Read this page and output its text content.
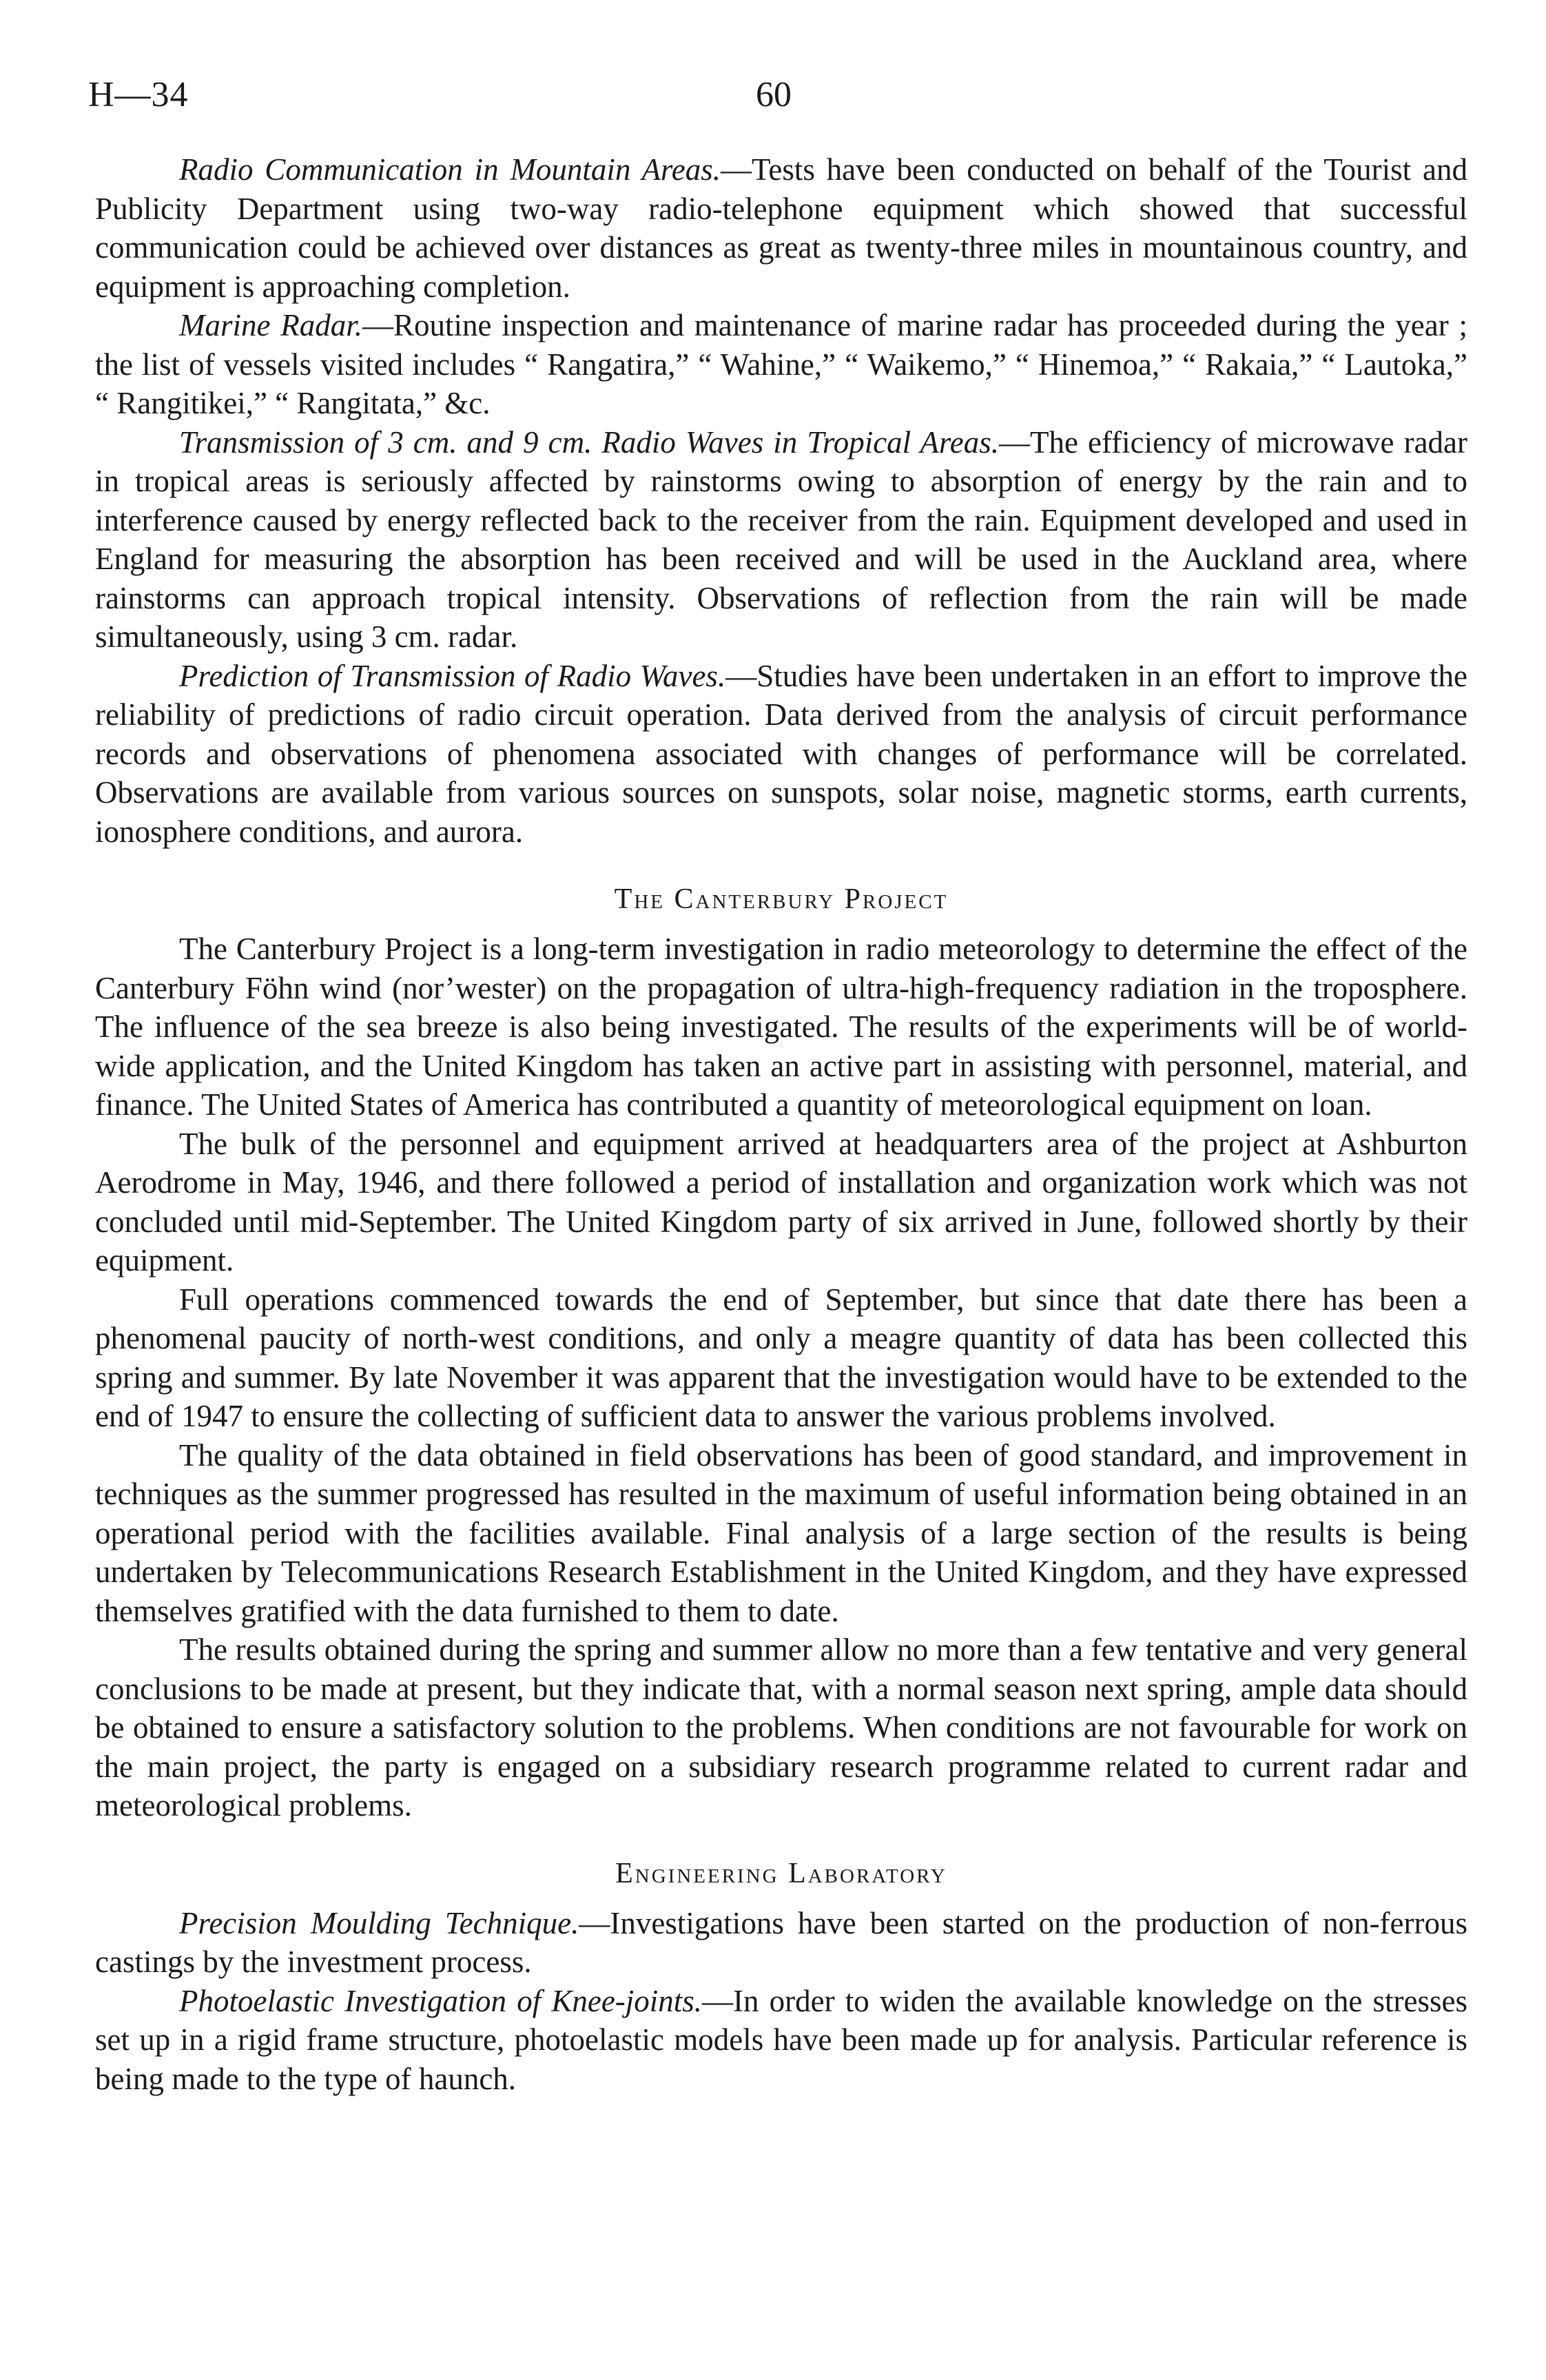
H—34	60

Radio Communication in Mountain Areas.—Tests have been conducted on behalf of the Tourist and Publicity Department using two-way radio-telephone equipment which showed that successful communication could be achieved over distances as great as twenty-three miles in mountainous country, and equipment is approaching completion.

Marine Radar.—Routine inspection and maintenance of marine radar has proceeded during the year ; the list of vessels visited includes “ Rangatira,” “ Wahine,” “ Waikemo,” “ Hinemoa,” “ Rakaia,” “ Lautoka,” “ Rangitikei,” “ Rangitata,” &c.

Transmission of 3 cm. and 9 cm. Radio Waves in Tropical Areas.—The efficiency of microwave radar in tropical areas is seriously affected by rainstorms owing to absorption of energy by the rain and to interference caused by energy reflected back to the receiver from the rain. Equipment developed and used in England for measuring the absorption has been received and will be used in the Auckland area, where rainstorms can approach tropical intensity. Observations of reflection from the rain will be made simultaneously, using 3 cm. radar.

Prediction of Transmission of Radio Waves.—Studies have been undertaken in an effort to improve the reliability of predictions of radio circuit operation. Data derived from the analysis of circuit performance records and observations of phenomena associated with changes of performance will be correlated. Observations are available from various sources on sunspots, solar noise, magnetic storms, earth currents, ionosphere conditions, and aurora.

The Canterbury Project

The Canterbury Project is a long-term investigation in radio meteorology to determine the effect of the Canterbury Föhn wind (nor’wester) on the propagation of ultra-high-frequency radiation in the troposphere. The influence of the sea breeze is also being investigated. The results of the experiments will be of world-wide application, and the United Kingdom has taken an active part in assisting with personnel, material, and finance. The United States of America has contributed a quantity of meteorological equipment on loan.

The bulk of the personnel and equipment arrived at headquarters area of the project at Ashburton Aerodrome in May, 1946, and there followed a period of installation and organization work which was not concluded until mid-September. The United Kingdom party of six arrived in June, followed shortly by their equipment.

Full operations commenced towards the end of September, but since that date there has been a phenomenal paucity of north-west conditions, and only a meagre quantity of data has been collected this spring and summer. By late November it was apparent that the investigation would have to be extended to the end of 1947 to ensure the collecting of sufficient data to answer the various problems involved.

The quality of the data obtained in field observations has been of good standard, and improvement in techniques as the summer progressed has resulted in the maximum of useful information being obtained in an operational period with the facilities available. Final analysis of a large section of the results is being undertaken by Telecommunications Research Establishment in the United Kingdom, and they have expressed themselves gratified with the data furnished to them to date.

The results obtained during the spring and summer allow no more than a few tentative and very general conclusions to be made at present, but they indicate that, with a normal season next spring, ample data should be obtained to ensure a satisfactory solution to the problems. When conditions are not favourable for work on the main project, the party is engaged on a subsidiary research programme related to current radar and meteorological problems.

Engineering Laboratory

Precision Moulding Technique.—Investigations have been started on the production of non-ferrous castings by the investment process.

Photoelastic Investigation of Knee-joints.—In order to widen the available knowledge on the stresses set up in a rigid frame structure, photoelastic models have been made up for analysis. Particular reference is being made to the type of haunch.
